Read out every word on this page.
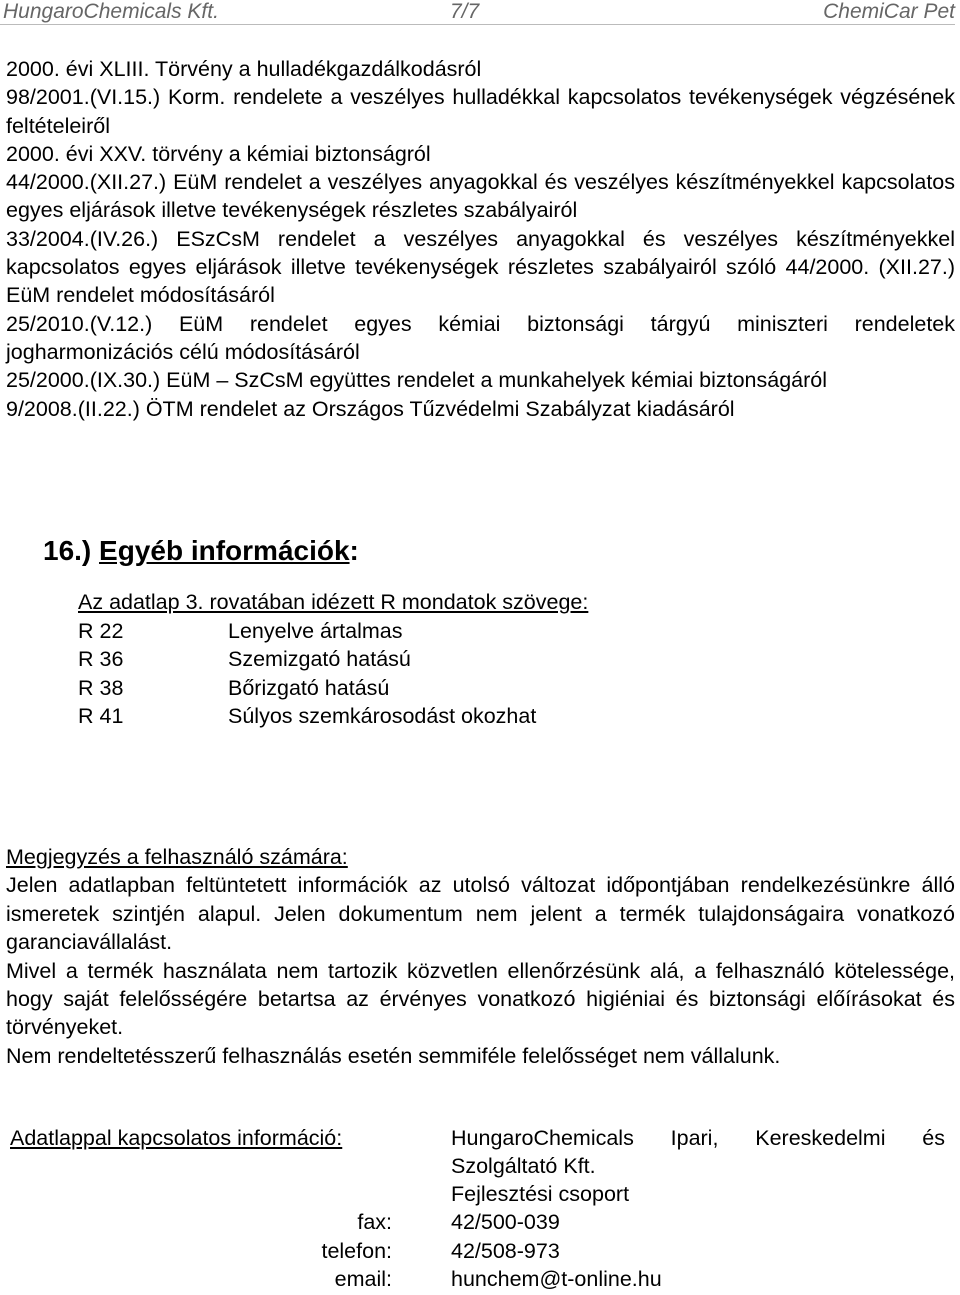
HungaroChemicals Kft.	7/7	ChemiCar Pet

2000. évi XLIII. Törvény a hulladékgazdálkodásról

98/2001.(VI.15.) Korm. rendelete a veszélyes hulladékkal kapcsolatos tevékenységek végzésének feltételeiről

2000. évi XXV. törvény a kémiai biztonságról

44/2000.(XII.27.) EüM rendelet a veszélyes anyagokkal és veszélyes készítményekkel kapcsolatos egyes eljárások illetve tevékenységek részletes szabályairól

33/2004.(IV.26.) ESzCsM rendelet a veszélyes anyagokkal és veszélyes készítményekkel kapcsolatos egyes eljárások illetve tevékenységek részletes szabályairól szóló 44/2000. (XII.27.) EüM rendelet módosításáról

25/2010.(V.12.) EüM rendelet egyes kémiai biztonsági tárgyú miniszteri rendeletek jogharmonizációs célú módosításáról

25/2000.(IX.30.) EüM – SzCsM együttes rendelet a munkahelyek kémiai biztonságáról

9/2008.(II.22.) ÖTM rendelet az Országos Tűzvédelmi Szabályzat kiadásáról

16.) Egyéb információk:
Az adatlap 3. rovatában idézett R mondatok szövege:
R 22	Lenyelve ártalmas
R 36	Szemizgató hatású
R 38	Bőrizgató hatású
R 41	Súlyos szemkárosodást okozhat
Megjegyzés a felhasználó számára:

Jelen adatlapban feltüntetett információk az utolsó változat időpontjában rendelkezésünkre álló ismeretek szintjén alapul. Jelen dokumentum nem jelent a termék tulajdonságaira vonatkozó garanciavállalást.

Mivel a termék használata nem tartozik közvetlen ellenőrzésünk alá, a felhasználó kötelessége, hogy saját felelősségére betartsa az érvényes vonatkozó higiéniai és biztonsági előírásokat és törvényeket.

Nem rendeltetésszerű felhasználás esetén semmiféle felelősséget nem vállalunk.

Adatlappal kapcsolatos információ:	HungaroChemicals Ipari, Kereskedelmi és Szolgáltató Kft.
Fejlesztési csoport
fax:	42/500-039
telefon:	42/508-973
email:	hunchem@t-online.hu
